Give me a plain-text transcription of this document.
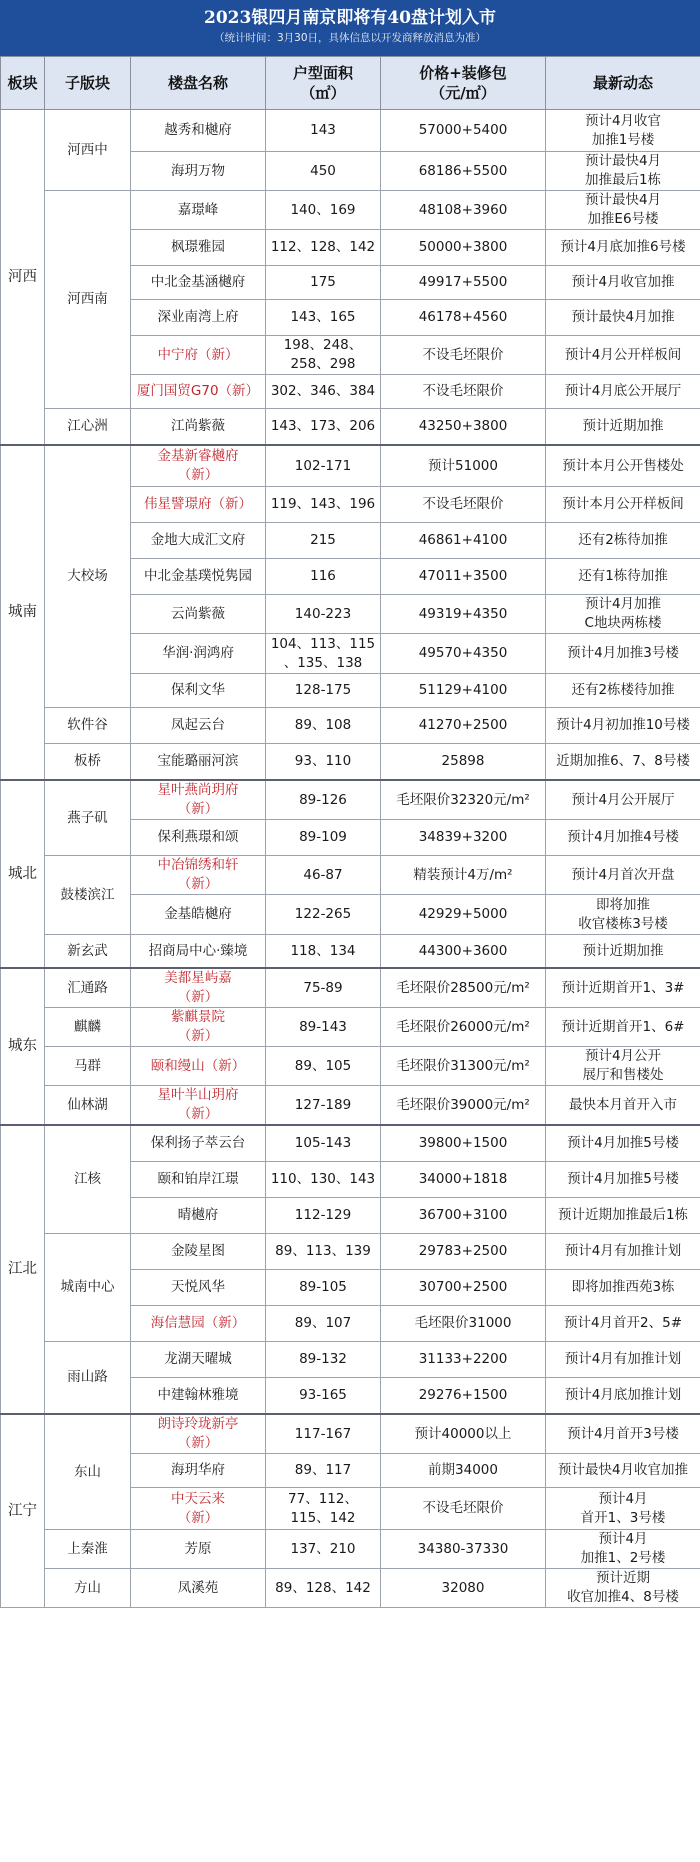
2023银四月南京即将有40盘计划入市
（统计时间：3月30日，具体信息以开发商释放消息为准）
板块	子版块	楼盘名称	户型面积
（㎡）	价格+装修包
（元/㎡）	最新动态
河西	河西中	越秀和樾府	143	57000+5400	预计4月收官
加推1号楼
		海玥万物	450	68186+5500	预计最快4月
加推最后1栋
	河西南	嘉璟峰	140、169	48108+3960	预计最快4月
加推E6号楼
		枫璟雅园	112、128、142	50000+3800	预计4月底加推6号楼
		中北金基涵樾府	175	49917+5500	预计4月收官加推
		深业南湾上府	143、165	46178+4560	预计最快4月加推
		中宁府（新）	198、248、
258、298	不设毛坯限价	预计4月公开样板间
		厦门国贸G70（新）	302、346、384	不设毛坯限价	预计4月底公开展厅
	江心洲	江尚紫薇	143、173、206	43250+3800	预计近期加推
城南	大校场	金基新睿樾府
（新）	102-171	预计51000	预计本月公开售楼处
		伟星譬璟府（新）	119、143、196	不设毛坯限价	预计本月公开样板间
		金地大成汇文府	215	46861+4100	还有2栋待加推
		中北金基璞悦隽园	116	47011+3500	还有1栋待加推
		云尚紫薇	140-223	49319+4350	预计4月加推
C地块两栋楼
		华润·润鸿府	104、113、115
、135、138	49570+4350	预计4月加推3号楼
		保利文华	128-175	51129+4100	还有2栋楼待加推
	软件谷	凤起云台	89、108	41270+2500	预计4月初加推10号楼
	板桥	宝能璐丽河滨	93、110	25898	近期加推6、7、8号楼
城北	燕子矶	星叶燕尚玥府
（新）	89-126	毛坯限价32320元/m²	预计4月公开展厅
		保利燕璟和颂	89-109	34839+3200	预计4月加推4号楼
	鼓楼滨江	中冶锦绣和轩
（新）	46-87	精装预计4万/m²	预计4月首次开盘
		金基皓樾府	122-265	42929+5000	即将加推
收官楼栋3号楼
	新玄武	招商局中心·臻境	118、134	44300+3600	预计近期加推
城东	汇通路	美都星屿嘉
（新）	75-89	毛坯限价28500元/m²	预计近期首开1、3#
	麒麟	紫麒景院
（新）	89-143	毛坯限价26000元/m²	预计近期首开1、6#
	马群	颐和缦山（新）	89、105	毛坯限价31300元/m²	预计4月公开
展厅和售楼处
	仙林湖	星叶半山玥府
（新）	127-189	毛坯限价39000元/m²	最快本月首开入市
江北	江核	保利扬子萃云台	105-143	39800+1500	预计4月加推5号楼
		颐和铂岸江璟	110、130、143	34000+1818	预计4月加推5号楼
		晴樾府	112-129	36700+3100	预计近期加推最后1栋
	城南中心	金陵星图	89、113、139	29783+2500	预计4月有加推计划
		天悦风华	89-105	30700+2500	即将加推西苑3栋
		海信慧园（新）	89、107	毛坯限价31000	预计4月首开2、5#
	雨山路	龙湖天曜城	89-132	31133+2200	预计4月有加推计划
		中建翰林雅境	93-165	29276+1500	预计4月底加推计划
江宁	东山	朗诗玲珑新亭
（新）	117-167	预计40000以上	预计4月首开3号楼
		海玥华府	89、117	前期34000	预计最快4月收官加推
		中天云来
（新）	77、112、
115、142	不设毛坯限价	预计4月
首开1、3号楼
	上秦淮	芳原	137、210	34380-37330	预计4月
加推1、2号楼
	方山	凤溪苑	89、128、142	32080	预计近期
收官加推4、8号楼
